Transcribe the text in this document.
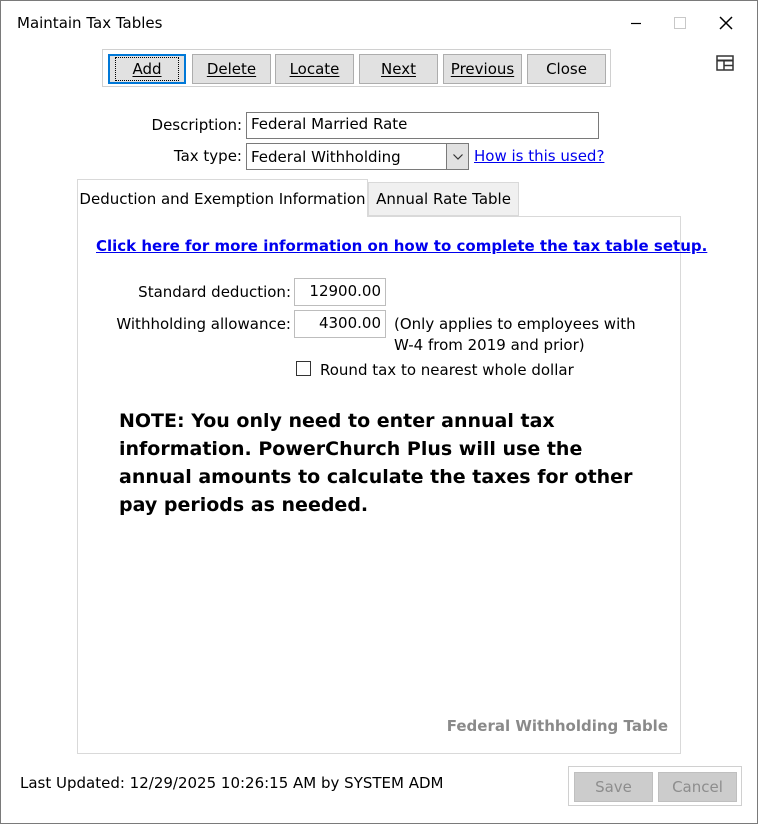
Maintain Tax Tables
Add	Delete Locate	Next Previous Close
Description: Federal Married Rate
Tax type: Federal Withholding	How is this used?
Deduction and Exemption Information Annual Rate Table
Click here for more information on how to complete the tax table setup.
Standard deduction:	12900.00
Withholding allowance:	4300.00 (Only applies to employees with W-4 from 2019 and prior)
Round tax to nearest whole dollar
NOTE: You only need to enter annual tax information. PowerChurch Plus will use the annual amounts to calculate the taxes for other pay periods as needed.
Federal Withholding Table
Last Updated: 12/29/2025 10:26:15 AM by SYSTEM ADM	Save	Cancel
